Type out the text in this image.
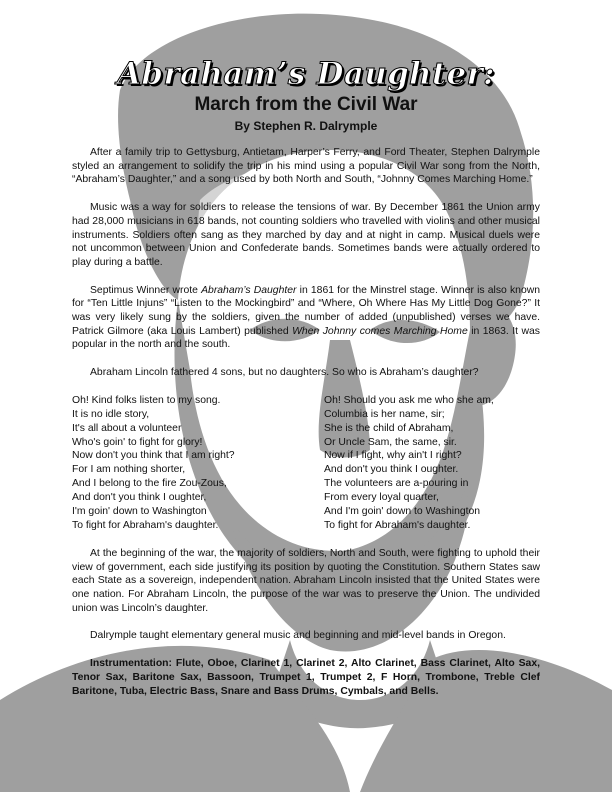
Abraham’s Daughter:
March from the Civil War
By Stephen R. Dalrymple

After a family trip to Gettysburg, Antietam, Harper’s Ferry, and Ford Theater, Stephen Dalrymple styled an arrangement to solidify the trip in his mind using a popular Civil War song from the North, “Abraham’s Daughter,” and a song used by both North and South, “Johnny Comes Marching Home.”

Music was a way for soldiers to release the tensions of war. By December 1861 the Union army had 28,000 musicians in 618 bands, not counting soldiers who travelled with violins and other musical instruments. Soldiers often sang as they marched by day and at night in camp. Musical duels were not uncommon between Union and Confederate bands. Sometimes bands were actually ordered to play during a battle.

Septimus Winner wrote Abraham’s Daughter in 1861 for the Minstrel stage. Winner is also known for “Ten Little Injuns” “Listen to the Mockingbird” and “Where, Oh Where Has My Little Dog Gone?” It was very likely sung by the soldiers, given the number of added (unpublished) verses we have. Patrick Gilmore (aka Louis Lambert) published When Johnny comes Marching Home in 1863. It was popular in the north and the south.

Abraham Lincoln fathered 4 sons, but no daughters. So who is Abraham’s daughter?

Oh! Kind folks listen to my song.
It is no idle story,
It's all about a volunteer
Who's goin' to fight for glory!
Now don't you think that I am right?
For I am nothing shorter,
And I belong to the fire Zou-Zous,
And don't you think I oughter,
I'm goin' down to Washington
To fight for Abraham's daughter.
Oh! Should you ask me who she am,
Columbia is her name, sir;
She is the child of Abraham,
Or Uncle Sam, the same, sir.
Now if I fight, why ain't I right?
And don't you think I oughter.
The volunteers are a-pouring in
From every loyal quarter,
And I'm goin' down to Washington
To fight for Abraham's daughter.

At the beginning of the war, the majority of soldiers, North and South, were fighting to uphold their view of government, each side justifying its position by quoting the Constitution. Southern States saw each State as a sovereign, independent nation. Abraham Lincoln insisted that the United States were one nation. For Abraham Lincoln, the purpose of the war was to preserve the Union. The undivided union was Lincoln’s daughter.

Dalrymple taught elementary general music and beginning and mid-level bands in Oregon.

Instrumentation: Flute, Oboe, Clarinet 1, Clarinet 2, Alto Clarinet, Bass Clarinet, Alto Sax, Tenor Sax, Baritone Sax, Bassoon, Trumpet 1, Trumpet 2, F Horn, Trombone, Treble Clef Baritone, Tuba, Electric Bass, Snare and Bass Drums, Cymbals, and Bells.
